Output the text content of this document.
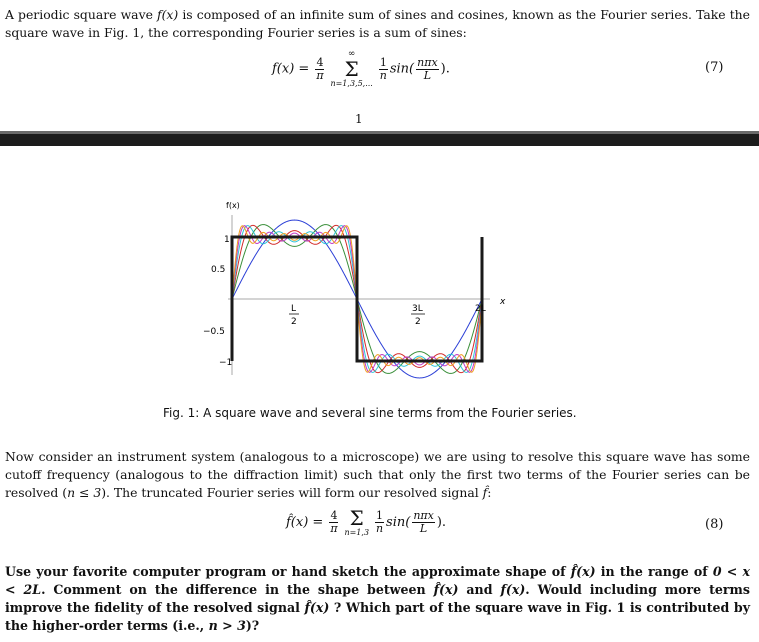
A periodic square wave f(x) is composed of an infinite sum of sines and cosines, known as the Fourier series. Take the square wave in Fig. 1, the corresponding Fourier series is a sum of sines:

$f(x) = \frac{4}{\pi}$
∞
Σ
n=1,3,5,...
$\frac{1}{n} \sin( \frac{\text{nπx}}{L}$ ).	(7)
1
f(x)
x
1
0.5
−0.5
−1
L
2
3L
2
2L
Fig. 1: A square wave and several sine terms from the Fourier series.

Now consider an instrument system (analogous to a microscope) we are using to resolve this square wave has some cutoff frequency (analogous to the diffraction limit) such that only the first two terms of the Fourier series can be resolved (n ≤ 3). The truncated Fourier series will form our resolved signal f̂:

f̂(x) = $\frac{4}{\pi}$ Σ
$n=1,3 \frac{1}{n} \sin( \frac{\text{nπx}}{L}$ ).	(8)

Use your favorite computer program or hand sketch the approximate shape of f̂(x) in the range of 0 < x < 2L. Comment on the difference in the shape between f̂(x) and f(x). Would including more terms improve the fidelity of the resolved signal f̂(x) ? Which part of the square wave in Fig. 1 is contributed by the higher-order terms (i.e., n > 3)?
